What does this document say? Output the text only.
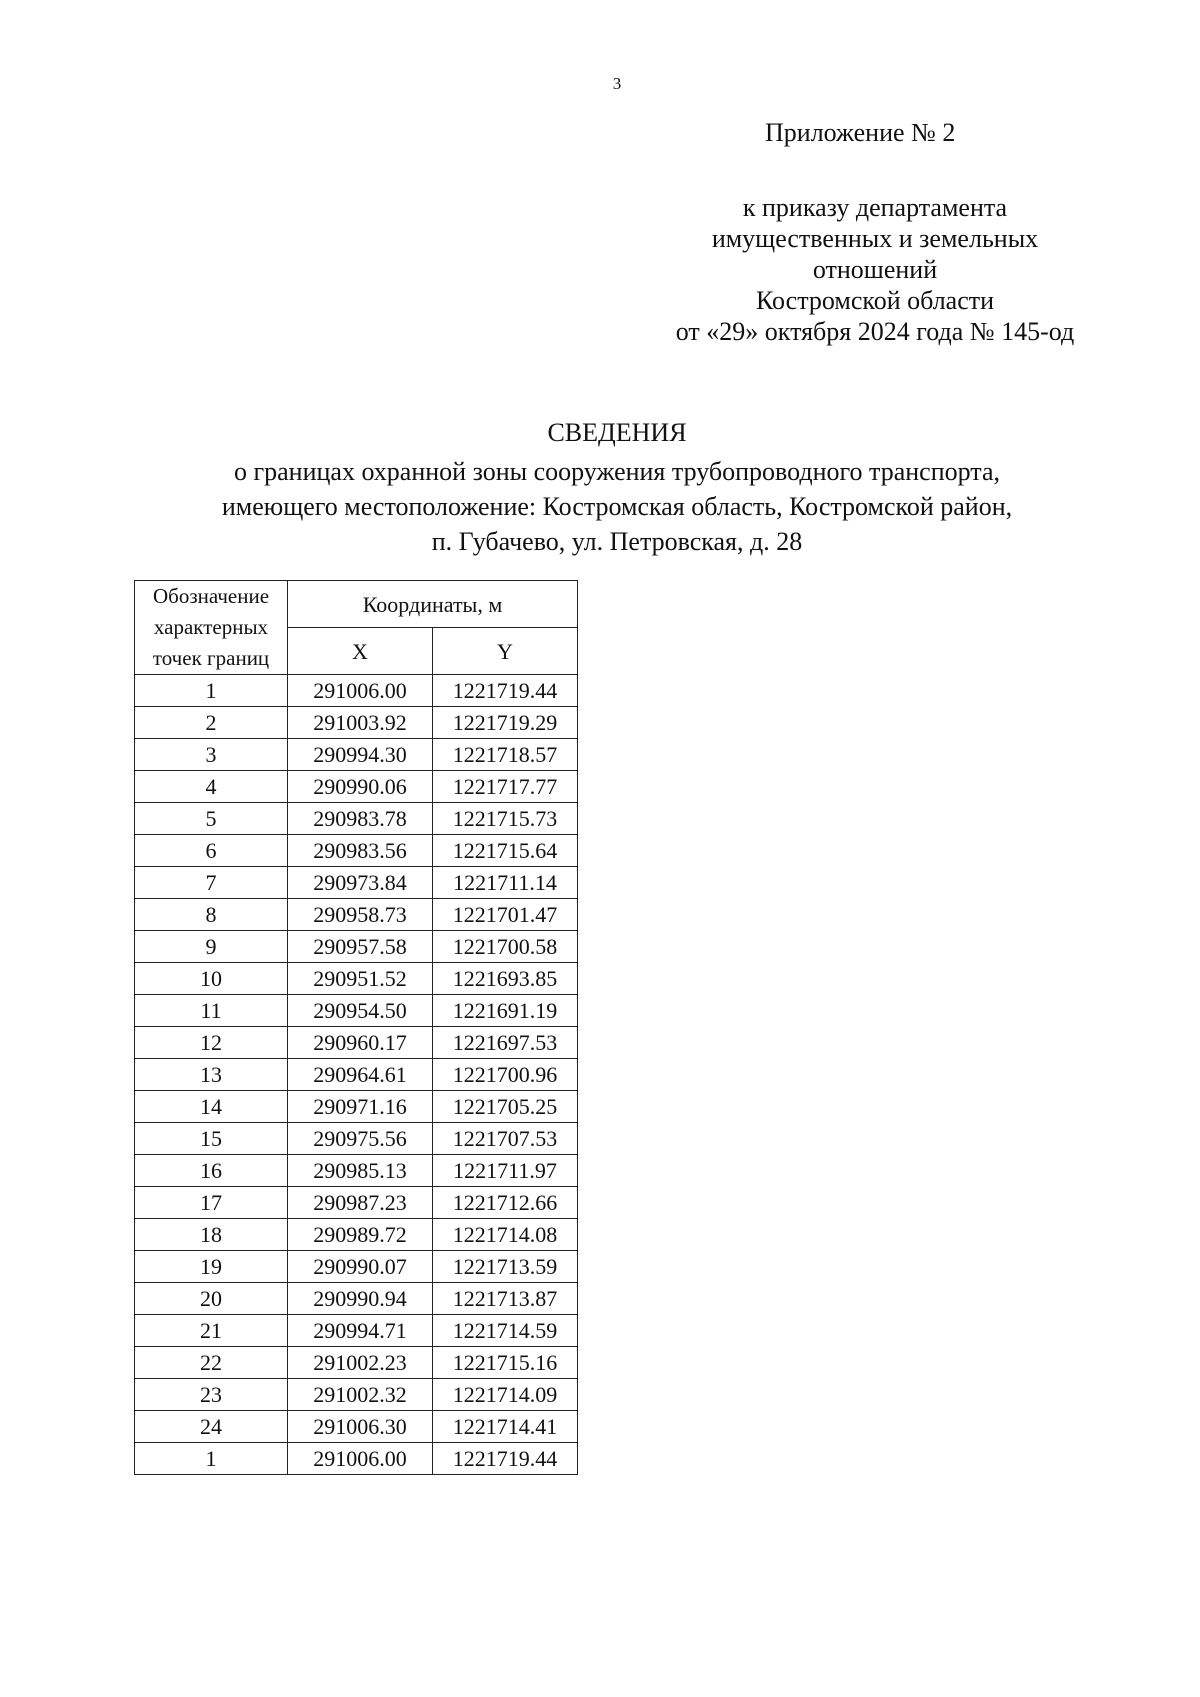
3
Приложение № 2
к приказу департамента
имущественных и земельных
отношений
Костромской области
от «29» октября 2024 года № 145-од
СВЕДЕНИЯ
о границах охранной зоны сооружения трубопроводного транспорта,
имеющего местоположение: Костромская область, Костромской район,
п. Губачево, ул. Петровская, д. 28
Обозначение
характерных
точек границ	Координаты, м	
	X	Y
1	291006.00	1221719.44
2	291003.92	1221719.29
3	290994.30	1221718.57
4	290990.06	1221717.77
5	290983.78	1221715.73
6	290983.56	1221715.64
7	290973.84	1221711.14
8	290958.73	1221701.47
9	290957.58	1221700.58
10	290951.52	1221693.85
11	290954.50	1221691.19
12	290960.17	1221697.53
13	290964.61	1221700.96
14	290971.16	1221705.25
15	290975.56	1221707.53
16	290985.13	1221711.97
17	290987.23	1221712.66
18	290989.72	1221714.08
19	290990.07	1221713.59
20	290990.94	1221713.87
21	290994.71	1221714.59
22	291002.23	1221715.16
23	291002.32	1221714.09
24	291006.30	1221714.41
1	291006.00	1221719.44
